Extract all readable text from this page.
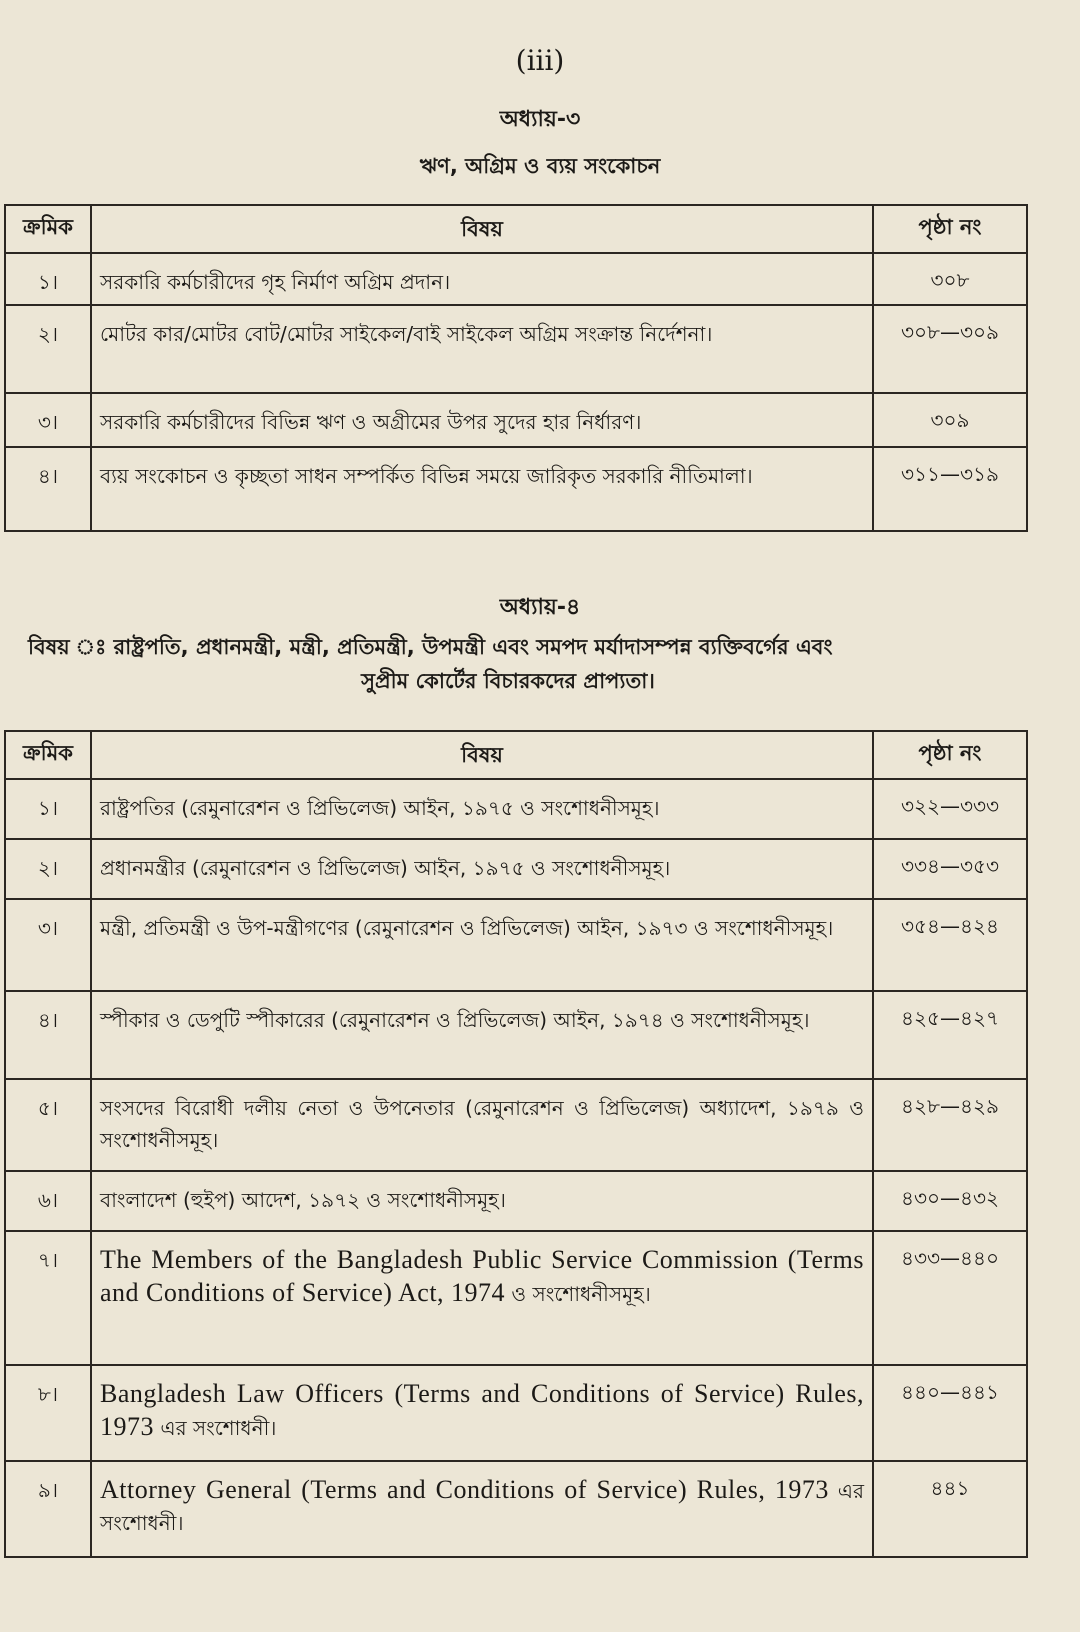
(iii)
অধ্যায়-৩
ঋণ, অগ্রিম ও ব্যয় সংকোচন
ক্রমিক	বিষয়	পৃষ্ঠা নং
১।	সরকারি কর্মচারীদের গৃহ নির্মাণ অগ্রিম প্রদান।	৩০৮
২।	মোটর কার/মোটর বোট/মোটর সাইকেল/বাই সাইকেল অগ্রিম সংক্রান্ত নির্দেশনা।	৩০৮—৩০৯
৩।	সরকারি কর্মচারীদের বিভিন্ন ঋণ ও অগ্রীমের উপর সুদের হার নির্ধারণ।	৩০৯
৪।	ব্যয় সংকোচন ও কৃচ্ছতা সাধন সম্পর্কিত বিভিন্ন সময়ে জারিকৃত সরকারি নীতিমালা।	৩১১—৩১৯
অধ্যায়-৪
বিষয় ঃ রাষ্ট্রপতি, প্রধানমন্ত্রী, মন্ত্রী, প্রতিমন্ত্রী, উপমন্ত্রী এবং সমপদ মর্যাদাসম্পন্ন ব্যক্তিবর্গের এবং
সুপ্রীম কোর্টের বিচারকদের প্রাপ্যতা।
ক্রমিক	বিষয়	পৃষ্ঠা নং
১।	রাষ্ট্রপতির (রেমুনারেশন ও প্রিভিলেজ) আইন, ১৯৭৫ ও সংশোধনীসমূহ।	৩২২—৩৩৩
২।	প্রধানমন্ত্রীর (রেমুনারেশন ও প্রিভিলেজ) আইন, ১৯৭৫ ও সংশোধনীসমূহ।	৩৩৪—৩৫৩
৩।	মন্ত্রী, প্রতিমন্ত্রী ও উপ-মন্ত্রীগণের (রেমুনারেশন ও প্রিভিলেজ) আইন, ১৯৭৩ ও সংশোধনীসমূহ।	৩৫৪—৪২৪
৪।	স্পীকার ও ডেপুটি স্পীকারের (রেমুনারেশন ও প্রিভিলেজ) আইন, ১৯৭৪ ও সংশোধনীসমূহ।	৪২৫—৪২৭
৫।	সংসদের বিরোধী দলীয় নেতা ও উপনেতার (রেমুনারেশন ও প্রিভিলেজ) অধ্যাদেশ, ১৯৭৯ ও সংশোধনীসমূহ।	৪২৮—৪২৯
৬।	বাংলাদেশ (হুইপ) আদেশ, ১৯৭২ ও সংশোধনীসমূহ।	৪৩০—৪৩২
৭।	The Members of the Bangladesh Public Service Commission (Terms and Conditions of Service) Act, 1974 ও সংশোধনীসমূহ।	৪৩৩—৪৪০
৮।	Bangladesh Law Officers (Terms and Conditions of Service) Rules, 1973 এর সংশোধনী।	৪৪০—৪৪১
৯।	Attorney General (Terms and Conditions of Service) Rules, 1973 এর সংশোধনী।	৪৪১
